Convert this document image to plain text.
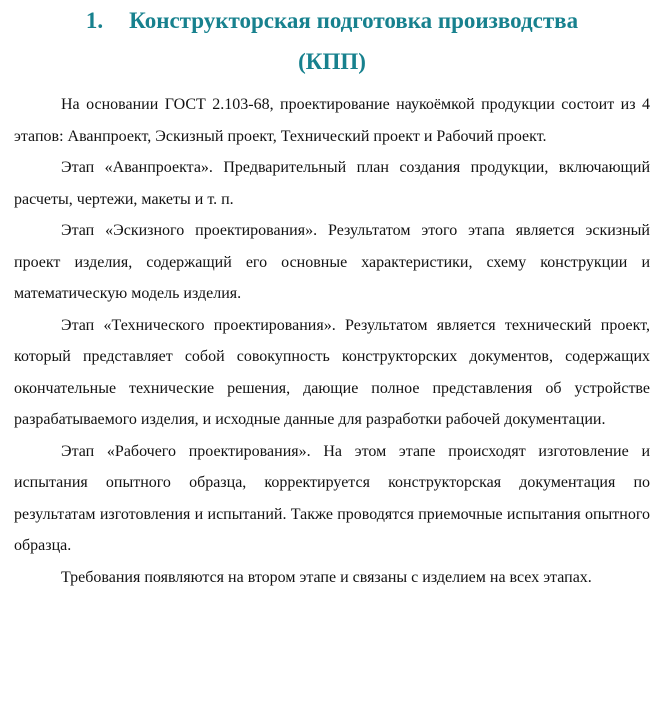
1. Конструкторская подготовка производства
(КПП)

На основании ГОСТ 2.103-68, проектирование наукоёмкой продукции состоит из 4 этапов: Аванпроект, Эскизный проект, Технический проект и Рабочий проект.

Этап «Аванпроекта». Предварительный план создания продукции, включающий расчеты, чертежи, макеты и т. п.

Этап «Эскизного проектирования». Результатом этого этапа является эскизный проект изделия, содержащий его основные характеристики, схему конструкции и математическую модель изделия.

Этап «Технического проектирования». Результатом является технический проект, который представляет собой совокупность конструкторских документов, содержащих окончательные технические решения, дающие полное представления об устройстве разрабатываемого изделия, и исходные данные для разработки рабочей документации.

Этап «Рабочего проектирования». На этом этапе происходят изготовление и испытания опытного образца, корректируется конструкторская документация по результатам изготовления и испытаний. Также проводятся приемочные испытания опытного образца.

Требования появляются на втором этапе и связаны с изделием на всех этапах.
